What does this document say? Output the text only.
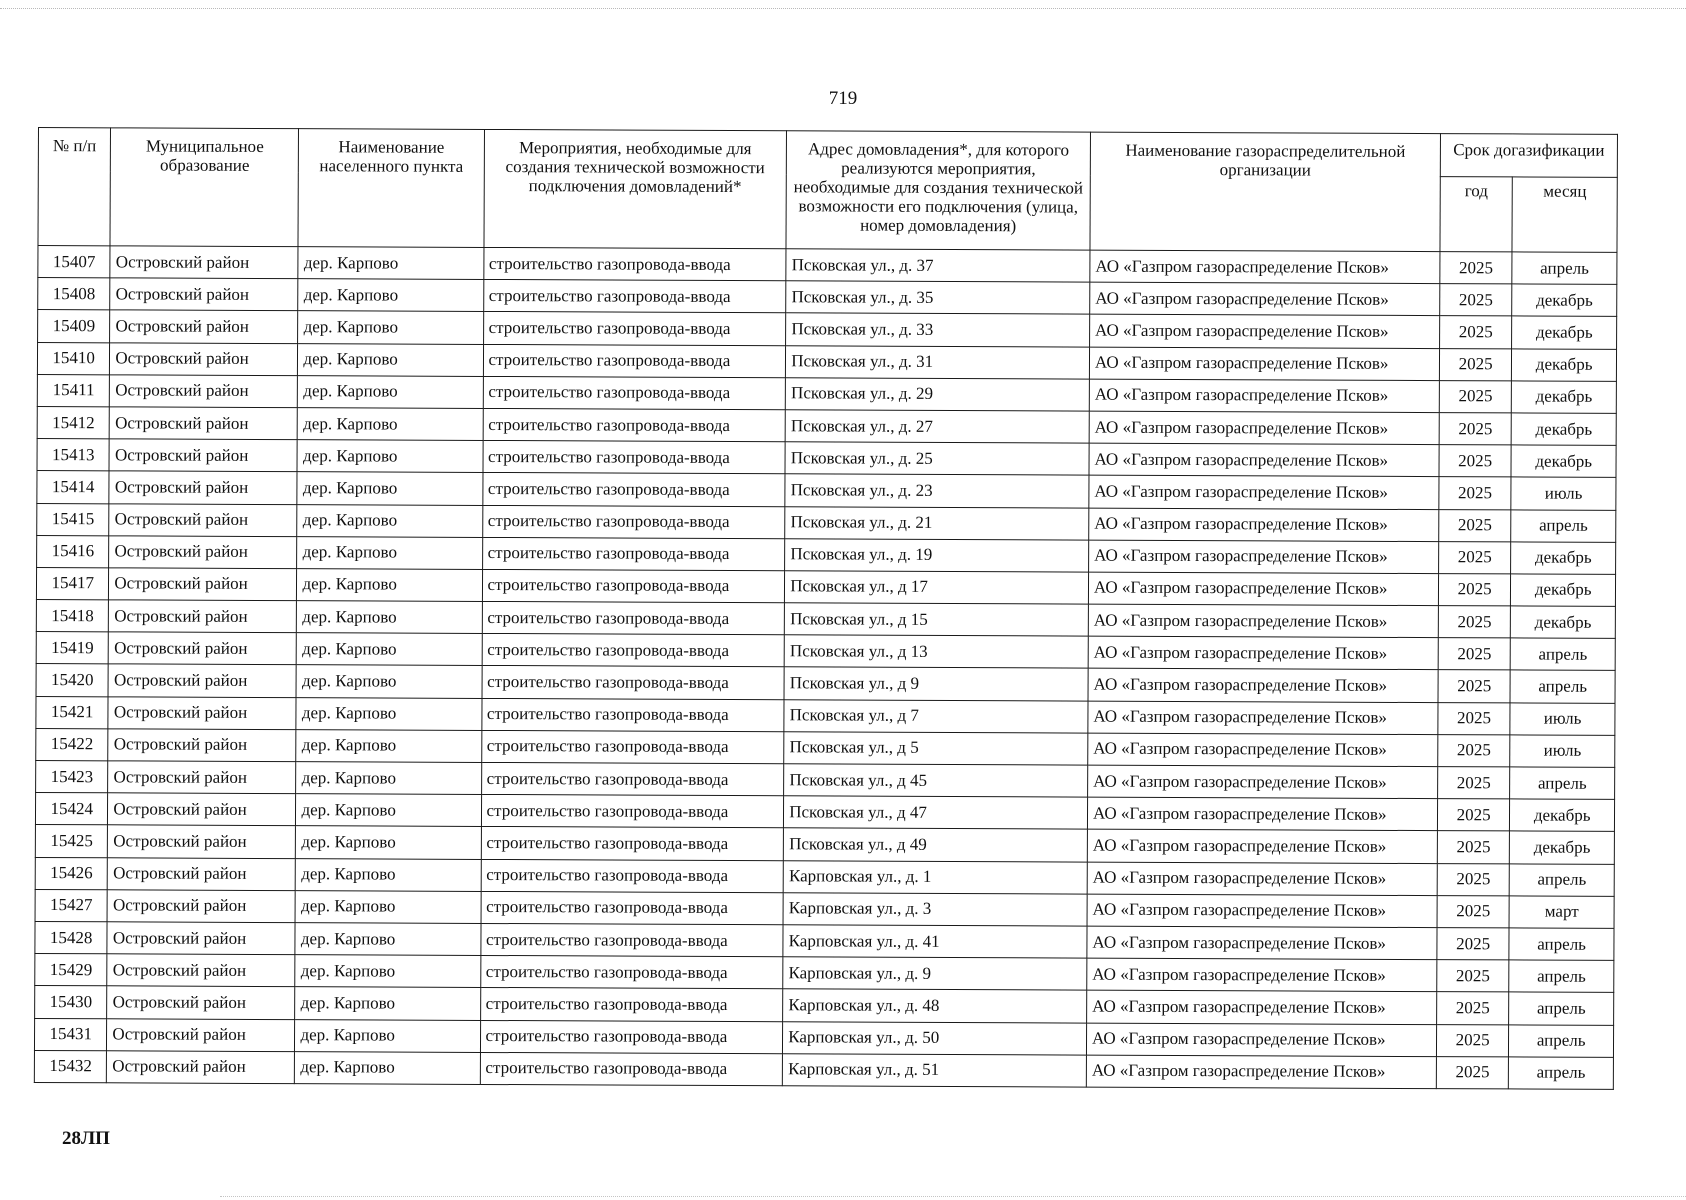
719
№ п/п	Муниципальное образование	Наименование населенного пункта	Мероприятия, необходимые для создания технической возможности подключения домовладений*	Адрес домовладения*, для которого реализуются мероприятия, необходимые для создания технической возможности его подключения (улица, номер домовладения)	Наименование газораспределительной организации	Срок догазификации	
						год	месяц
15407	Островский район	дер. Карпово	строительство газопровода-ввода	Псковская ул., д. 37	АО «Газпром газораспределение Псков»	2025	апрель
15408	Островский район	дер. Карпово	строительство газопровода-ввода	Псковская ул., д. 35	АО «Газпром газораспределение Псков»	2025	декабрь
15409	Островский район	дер. Карпово	строительство газопровода-ввода	Псковская ул., д. 33	АО «Газпром газораспределение Псков»	2025	декабрь
15410	Островский район	дер. Карпово	строительство газопровода-ввода	Псковская ул., д. 31	АО «Газпром газораспределение Псков»	2025	декабрь
15411	Островский район	дер. Карпово	строительство газопровода-ввода	Псковская ул., д. 29	АО «Газпром газораспределение Псков»	2025	декабрь
15412	Островский район	дер. Карпово	строительство газопровода-ввода	Псковская ул., д. 27	АО «Газпром газораспределение Псков»	2025	декабрь
15413	Островский район	дер. Карпово	строительство газопровода-ввода	Псковская ул., д. 25	АО «Газпром газораспределение Псков»	2025	декабрь
15414	Островский район	дер. Карпово	строительство газопровода-ввода	Псковская ул., д. 23	АО «Газпром газораспределение Псков»	2025	июль
15415	Островский район	дер. Карпово	строительство газопровода-ввода	Псковская ул., д. 21	АО «Газпром газораспределение Псков»	2025	апрель
15416	Островский район	дер. Карпово	строительство газопровода-ввода	Псковская ул., д. 19	АО «Газпром газораспределение Псков»	2025	декабрь
15417	Островский район	дер. Карпово	строительство газопровода-ввода	Псковская ул., д 17	АО «Газпром газораспределение Псков»	2025	декабрь
15418	Островский район	дер. Карпово	строительство газопровода-ввода	Псковская ул., д 15	АО «Газпром газораспределение Псков»	2025	декабрь
15419	Островский район	дер. Карпово	строительство газопровода-ввода	Псковская ул., д 13	АО «Газпром газораспределение Псков»	2025	апрель
15420	Островский район	дер. Карпово	строительство газопровода-ввода	Псковская ул., д 9	АО «Газпром газораспределение Псков»	2025	апрель
15421	Островский район	дер. Карпово	строительство газопровода-ввода	Псковская ул., д 7	АО «Газпром газораспределение Псков»	2025	июль
15422	Островский район	дер. Карпово	строительство газопровода-ввода	Псковская ул., д 5	АО «Газпром газораспределение Псков»	2025	июль
15423	Островский район	дер. Карпово	строительство газопровода-ввода	Псковская ул., д 45	АО «Газпром газораспределение Псков»	2025	апрель
15424	Островский район	дер. Карпово	строительство газопровода-ввода	Псковская ул., д 47	АО «Газпром газораспределение Псков»	2025	декабрь
15425	Островский район	дер. Карпово	строительство газопровода-ввода	Псковская ул., д 49	АО «Газпром газораспределение Псков»	2025	декабрь
15426	Островский район	дер. Карпово	строительство газопровода-ввода	Карповская ул., д. 1	АО «Газпром газораспределение Псков»	2025	апрель
15427	Островский район	дер. Карпово	строительство газопровода-ввода	Карповская ул., д. 3	АО «Газпром газораспределение Псков»	2025	март
15428	Островский район	дер. Карпово	строительство газопровода-ввода	Карповская ул., д. 41	АО «Газпром газораспределение Псков»	2025	апрель
15429	Островский район	дер. Карпово	строительство газопровода-ввода	Карповская ул., д. 9	АО «Газпром газораспределение Псков»	2025	апрель
15430	Островский район	дер. Карпово	строительство газопровода-ввода	Карповская ул., д. 48	АО «Газпром газораспределение Псков»	2025	апрель
15431	Островский район	дер. Карпово	строительство газопровода-ввода	Карповская ул., д. 50	АО «Газпром газораспределение Псков»	2025	апрель
15432	Островский район	дер. Карпово	строительство газопровода-ввода	Карповская ул., д. 51	АО «Газпром газораспределение Псков»	2025	апрель
28ЛП
